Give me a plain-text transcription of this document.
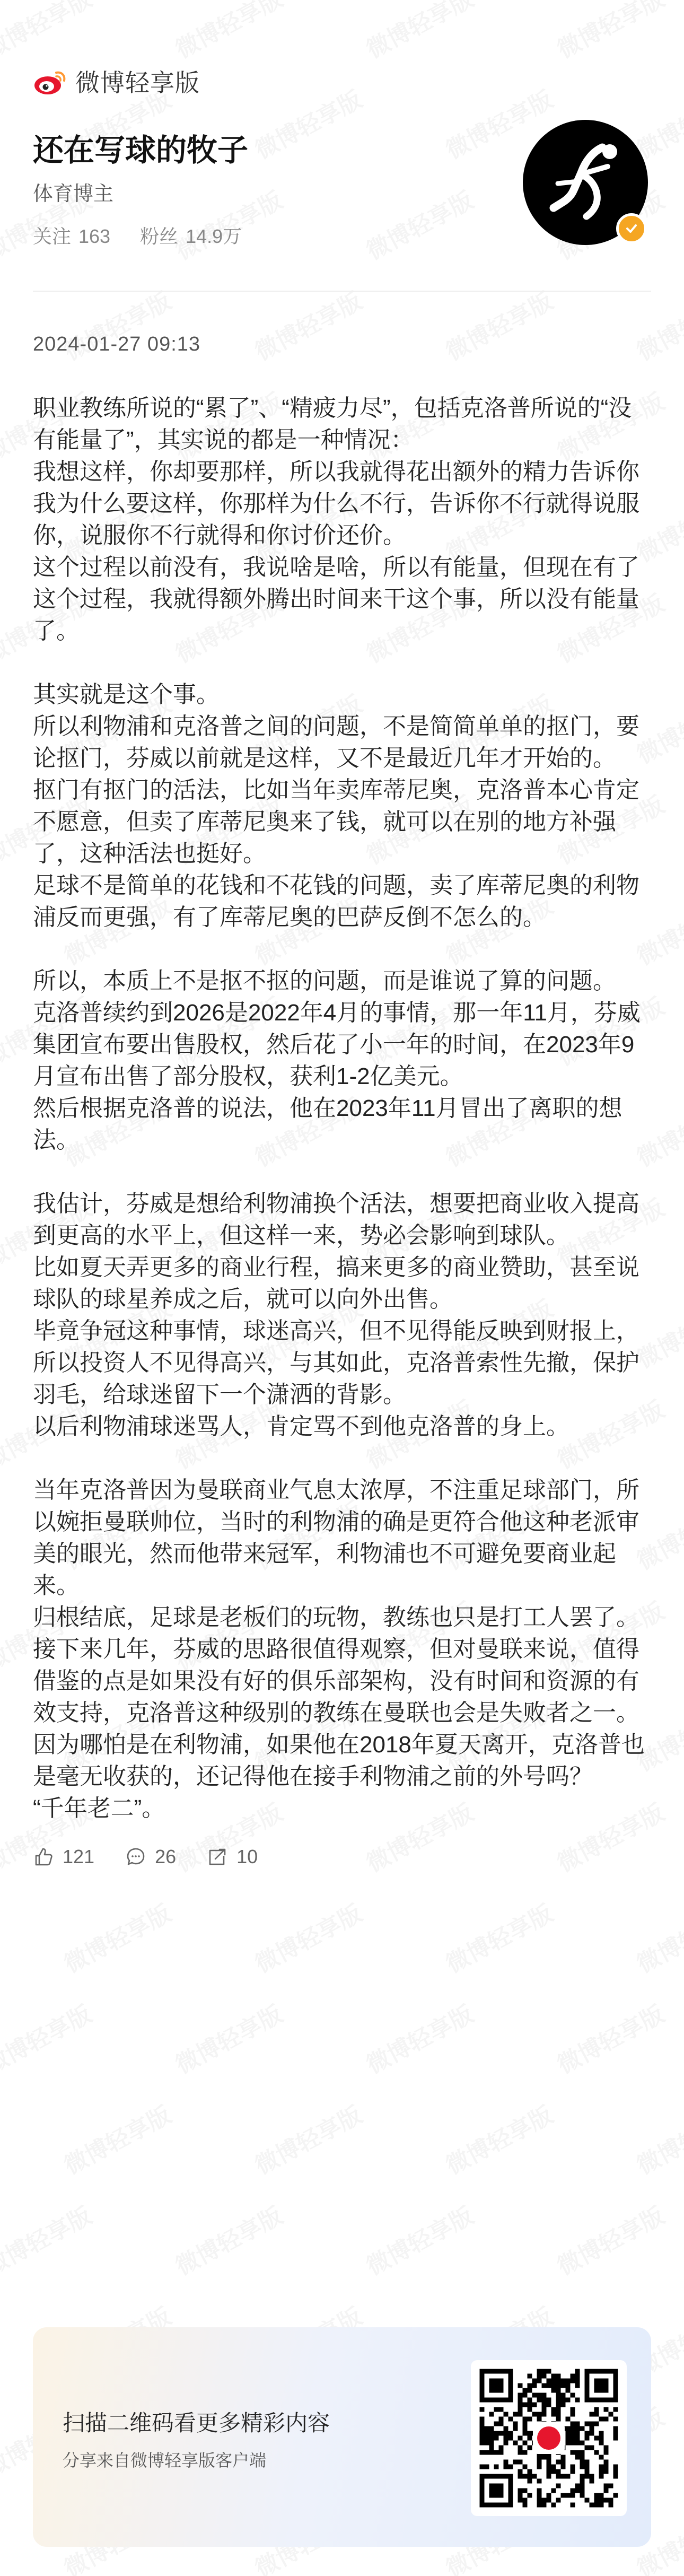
微博轻享版
还在写球的牧子
体育博主
关注 163 粉丝 14.9万
2024-01-27 09:13

职业教练所说的“累了”、“精疲力尽”，包括克洛普所说的“没有能量了”，其实说的都是一种情况：

我想这样，你却要那样，所以我就得花出额外的精力告诉你我为什么要这样，你那样为什么不行，告诉你不行就得说服你，说服你不行就得和你讨价还价。

这个过程以前没有，我说啥是啥，所以有能量，但现在有了这个过程，我就得额外腾出时间来干这个事，所以没有能量了。

其实就是这个事。

所以利物浦和克洛普之间的问题，不是简简单单的抠门，要论抠门，芬威以前就是这样，又不是最近几年才开始的。

抠门有抠门的活法，比如当年卖库蒂尼奥，克洛普本心肯定不愿意，但卖了库蒂尼奥来了钱，就可以在别的地方补强了，这种活法也挺好。

足球不是简单的花钱和不花钱的问题，卖了库蒂尼奥的利物浦反而更强，有了库蒂尼奥的巴萨反倒不怎么的。

所以，本质上不是抠不抠的问题，而是谁说了算的问题。

克洛普续约到2026是2022年4月的事情，那一年11月，芬威集团宣布要出售股权，然后花了小一年的时间，在2023年9月宣布出售了部分股权，获利1-2亿美元。

然后根据克洛普的说法，他在2023年11月冒出了离职的想法。

我估计，芬威是想给利物浦换个活法，想要把商业收入提高到更高的水平上，但这样一来，势必会影响到球队。

比如夏天弄更多的商业行程，搞来更多的商业赞助，甚至说球队的球星养成之后，就可以向外出售。

毕竟争冠这种事情，球迷高兴，但不见得能反映到财报上，所以投资人不见得高兴，与其如此，克洛普索性先撤，保护羽毛，给球迷留下一个潇洒的背影。

以后利物浦球迷骂人，肯定骂不到他克洛普的身上。

当年克洛普因为曼联商业气息太浓厚，不注重足球部门，所以婉拒曼联帅位，当时的利物浦的确是更符合他这种老派审美的眼光，然而他带来冠军，利物浦也不可避免要商业起来。

归根结底，足球是老板们的玩物，教练也只是打工人罢了。

接下来几年，芬威的思路很值得观察，但对曼联来说，值得借鉴的点是如果没有好的俱乐部架构，没有时间和资源的有效支持，克洛普这种级别的教练在曼联也会是失败者之一。

因为哪怕是在利物浦，如果他在2018年夏天离开，克洛普也是毫无收获的，还记得他在接手利物浦之前的外号吗？

“千年老二”。

扫描二维码看更多精彩内容
分享来自微博轻享版客户端
121	26	10
